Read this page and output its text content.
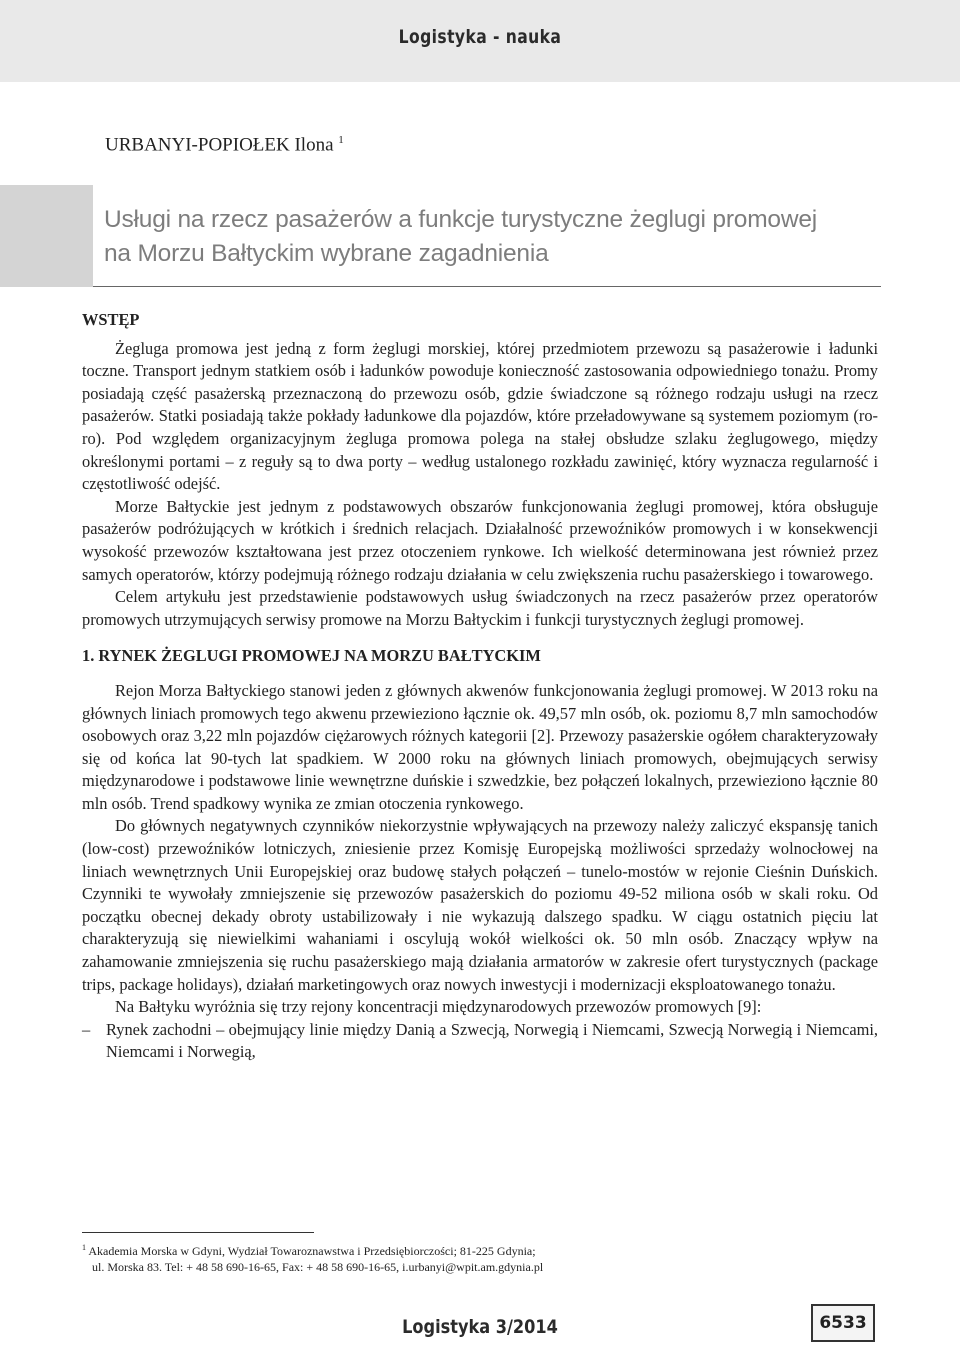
Logistyka - nauka
URBANYI-POPIOŁEK Ilona $^1$
Usługi na rzecz pasażerów a funkcje turystyczne żeglugi promowej
na Morzu Bałtyckim wybrane zagadnienia
WSTĘP

Żegluga promowa jest jedną z form żeglugi morskiej, której przedmiotem przewozu są pasażerowie i ładunki toczne. Transport jednym statkiem osób i ładunków powoduje konieczność zastosowania odpowiedniego tonażu. Promy posiadają część pasażerską przeznaczoną do przewozu osób, gdzie świadczone są różnego rodzaju usługi na rzecz pasażerów. Statki posiadają także pokłady ładunkowe dla pojazdów, które przeładowywane są systemem poziomym (ro-ro). Pod względem organizacyjnym żegluga promowa polega na stałej obsłudze szlaku żeglugowego, między określonymi portami – z reguły są to dwa porty – według ustalonego rozkładu zawinięć, który wyznacza regularność i częstotliwość odejść.

Morze Bałtyckie jest jednym z podstawowych obszarów funkcjonowania żeglugi promowej, która obsługuje pasażerów podróżujących w krótkich i średnich relacjach. Działalność przewoźników promowych i w konsekwencji wysokość przewozów kształtowana jest przez otoczeniem rynkowe. Ich wielkość determinowana jest również przez samych operatorów, którzy podejmują różnego rodzaju działania w celu zwiększenia ruchu pasażerskiego i towarowego.

Celem artykułu jest przedstawienie podstawowych usług świadczonych na rzecz pasażerów przez operatorów promowych utrzymujących serwisy promowe na Morzu Bałtyckim i funkcji turystycznych żeglugi promowej.

1. RYNEK ŻEGLUGI PROMOWEJ NA MORZU BAŁTYCKIM

Rejon Morza Bałtyckiego stanowi jeden z głównych akwenów funkcjonowania żeglugi promowej. W 2013 roku na głównych liniach promowych tego akwenu przewieziono łącznie ok. 49,57 mln osób, ok. poziomu 8,7 mln samochodów osobowych oraz 3,22 mln pojazdów ciężarowych różnych kategorii [2]. Przewozy pasażerskie ogółem charakteryzowały się od końca lat 90-tych lat spadkiem. W 2000 roku na głównych liniach promowych, obejmujących serwisy międzynarodowe i podstawowe linie wewnętrzne duńskie i szwedzkie, bez połączeń lokalnych, przewieziono łącznie 80 mln osób. Trend spadkowy wynika ze zmian otoczenia rynkowego.

Do głównych negatywnych czynników niekorzystnie wpływających na przewozy należy zaliczyć ekspansję tanich (low-cost) przewoźników lotniczych, zniesienie przez Komisję Europejską możliwości sprzedaży wolnocłowej na liniach wewnętrznych Unii Europejskiej oraz budowę stałych połączeń – tunelo-mostów w rejonie Cieśnin Duńskich. Czynniki te wywołały zmniejszenie się przewozów pasażerskich do poziomu 49-52 miliona osób w skali roku. Od początku obecnej dekady obroty ustabilizowały i nie wykazują dalszego spadku. W ciągu ostatnich pięciu lat charakteryzują się niewielkimi wahaniami i oscylują wokół wielkości ok. 50 mln osób. Znaczący wpływ na zahamowanie zmniejszenia się ruchu pasażerskiego mają działania armatorów w zakresie ofert turystycznych (package trips, package holidays), działań marketingowych oraz nowych inwestycji i modernizacji eksploatowanego tonażu.

Na Bałtyku wyróżnia się trzy rejony koncentracji międzynarodowych przewozów promowych [9]:

– Rynek zachodni – obejmujący linie między Danią a Szwecją, Norwegią i Niemcami, Szwecją Norwegią i Niemcami, Niemcami i Norwegią,
$^1$ Akademia Morska w Gdyni, Wydział Towaroznawstwa i Przedsiębiorczości; 81-225 Gdynia;
ul. Morska 83. Tel: + 48 58 690-16-65, Fax: + 48 58 690-16-65, i.urbanyi@wpit.am.gdynia.pl
Logistyka 3/2014	6533
